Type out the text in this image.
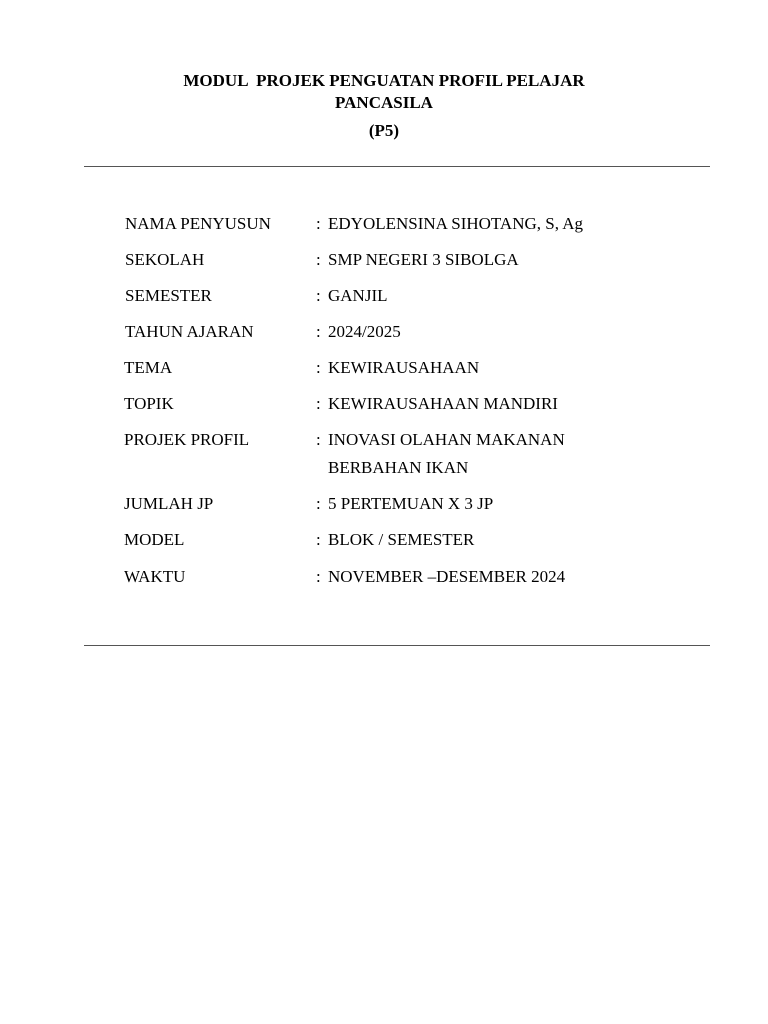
MODUL  PROJEK PENGUATAN PROFIL PELAJAR
PANCASILA
(P5)
NAMA PENYUSUN	: EDYOLENSINA SIHOTANG, S, Ag
SEKOLAH	: SMP NEGERI 3 SIBOLGA
SEMESTER	: GANJIL
TAHUN AJARAN	: 2024/2025
TEMA	: KEWIRAUSAHAAN
TOPIK	: KEWIRAUSAHAAN MANDIRI
PROJEK PROFIL	: INOVASI OLAHAN MAKANAN
BERBAHAN IKAN
JUMLAH JP	: 5 PERTEMUAN X 3 JP
MODEL	: BLOK / SEMESTER
WAKTU	: NOVEMBER –DESEMBER 2024
